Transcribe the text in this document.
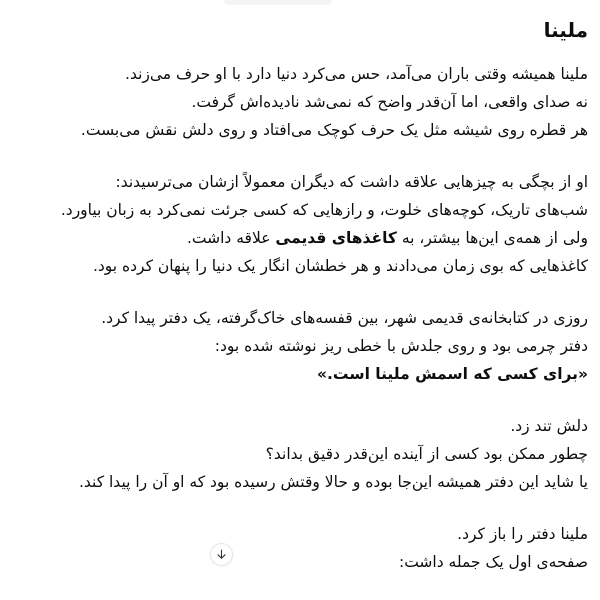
ملینا
ملینا همیشه وقتی باران می‌آمد، حس می‌کرد دنیا دارد با او حرف می‌زند.
نه صدای واقعی، اما آن‌قدر واضح که نمی‌شد نادیده‌اش گرفت.
هر قطره روی شیشه مثل یک حرف کوچک می‌افتاد و روی دلش نقش می‌بست.
او از بچگی به چیزهایی علاقه داشت که دیگران معمولاً ازشان می‌ترسیدند:
شب‌های تاریک، کوچه‌های خلوت، و رازهایی که کسی جرئت نمی‌کرد به زبان بیاورد.
ولی از همه‌ی این‌ها بیشتر، به کاغذهای قدیمی علاقه داشت.
کاغذهایی که بوی زمان می‌دادند و هر خطشان انگار یک دنیا را پنهان کرده بود.
روزی در کتابخانه‌ی قدیمی شهر، بین قفسه‌های خاک‌گرفته، یک دفتر پیدا کرد.
دفتر چرمی بود و روی جلدش با خطی ریز نوشته شده بود:
«برای کسی که اسمش ملینا است.»
دلش تند زد.
چطور ممکن بود کسی از آینده این‌قدر دقیق بداند؟
یا شاید این دفتر همیشه این‌جا بوده و حالا وقتش رسیده بود که او آن را پیدا کند.
ملینا دفتر را باز کرد.
صفحه‌ی اول یک جمله داشت:
